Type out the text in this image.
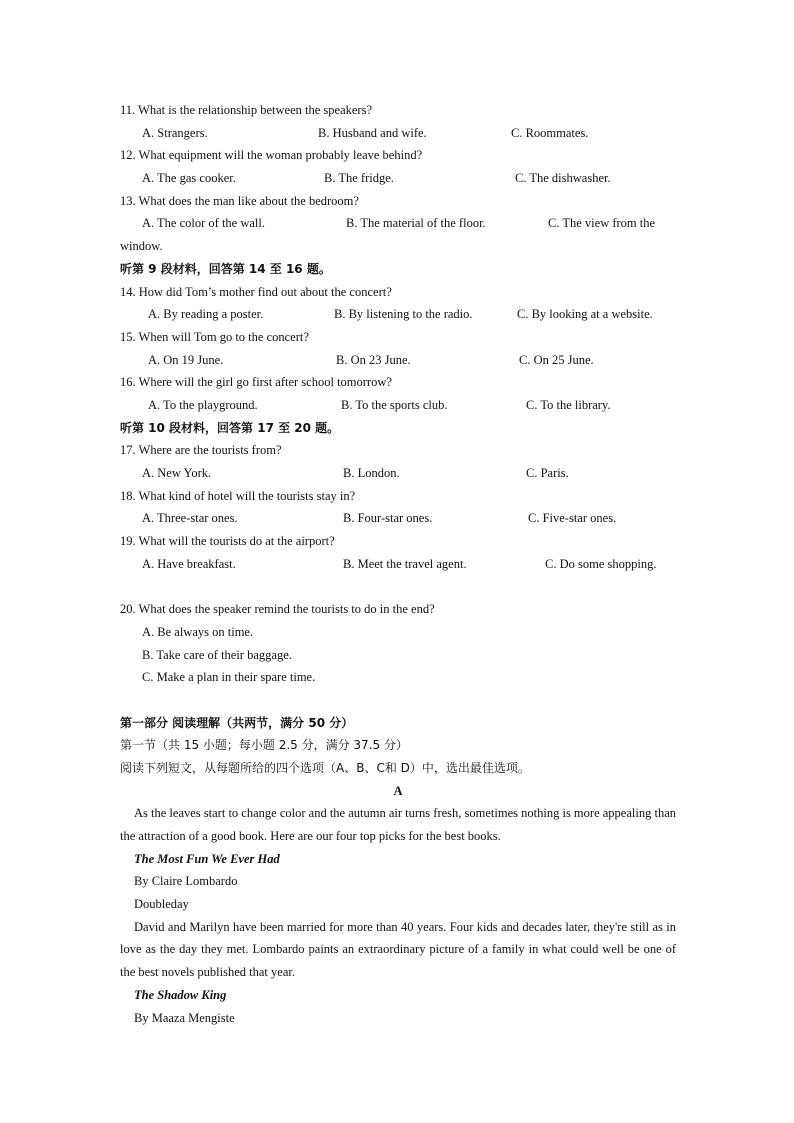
11. What is the relationship between the speakers?
A. Strangers.	B. Husband and wife.	C. Roommates.
12. What equipment will the woman probably leave behind?
A. The gas cooker.	B. The fridge.	C. The dishwasher.
13. What does the man like about the bedroom?
A. The color of the wall.	B. The material of the floor.	C. The view from the
window.
听第 9 段材料，回答第 14 至 16 题。
14. How did Tom’s mother find out about the concert?
A. By reading a poster.	B. By listening to the radio.	C. By looking at a website.
15. When will Tom go to the concert?
A. On 19 June.	B. On 23 June.	C. On 25 June.
16. Where will the girl go first after school tomorrow?
A. To the playground.	B. To the sports club.	C. To the library.
听第 10 段材料，回答第 17 至 20 题。
17. Where are the tourists from?
A. New York.	B. London.	C. Paris.
18. What kind of hotel will the tourists stay in?
A. Three-star ones.	B. Four-star ones.	C. Five-star ones.
19. What will the tourists do at the airport?
A. Have breakfast.	B. Meet the travel agent.	C. Do some shopping.
20. What does the speaker remind the tourists to do in the end?
A. Be always on time.
B. Take care of their baggage.
C. Make a plan in their spare time.
第一部分 阅读理解（共两节，满分 50 分）
第一节（共 15 小题；每小题 2.5 分，满分 37.5 分）
阅读下列短文，从每题所给的四个选项（A、B、C和 D）中，选出最佳选项。
A
As the leaves start to change color and the autumn air turns fresh, sometimes nothing is more appealing than the attraction of a good book. Here are our four top picks for the best books.
The Most Fun We Ever Had
By Claire Lombardo
Doubleday
David and Marilyn have been married for more than 40 years. Four kids and decades later, they're still as in love as the day they met. Lombardo paints an extraordinary picture of a family in what could well be one of the best novels published that year.
The Shadow King
By Maaza Mengiste
